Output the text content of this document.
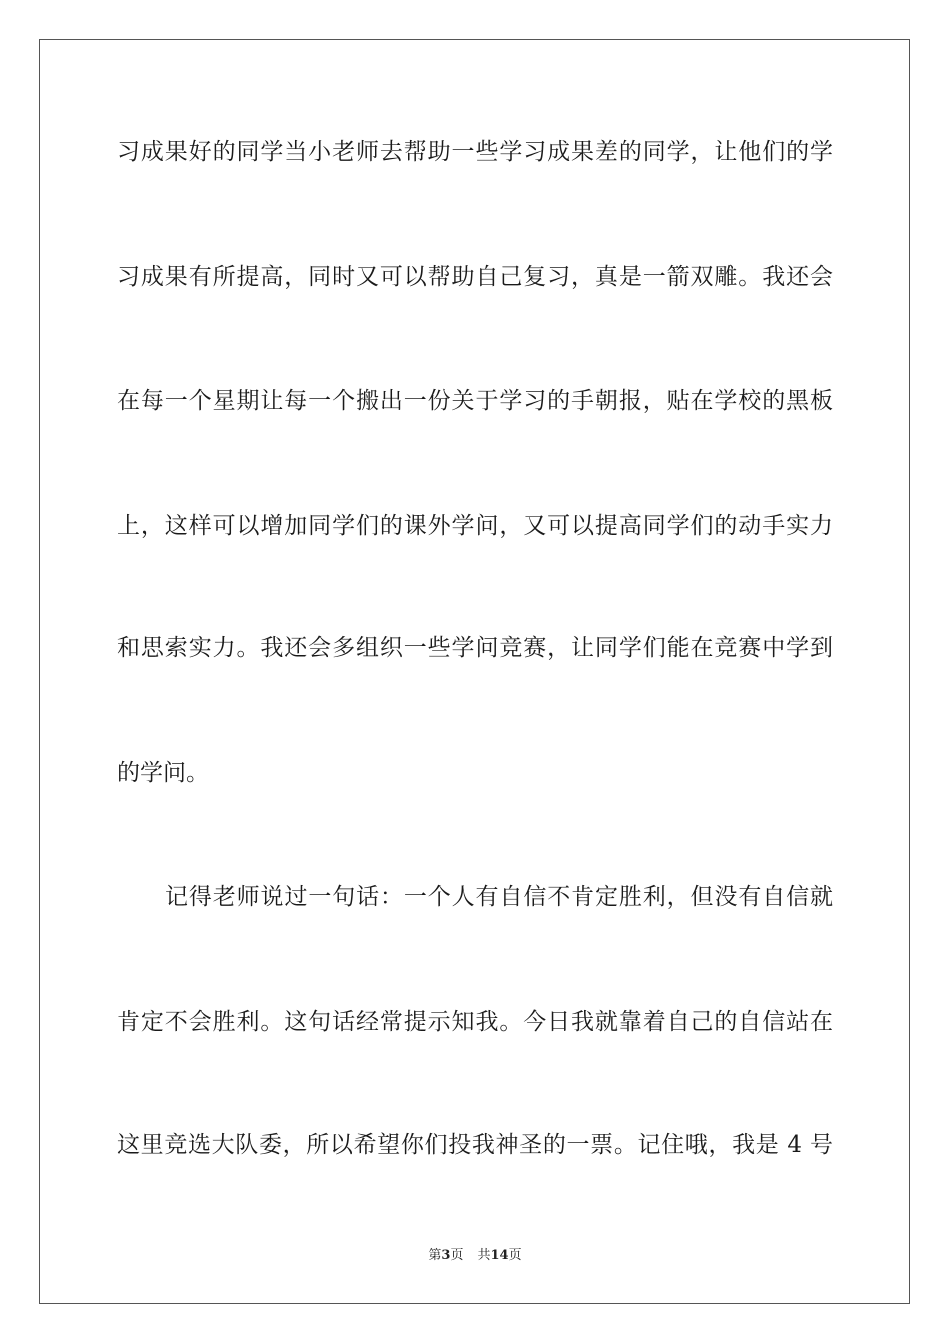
习成果好的同学当小老师去帮助一些学习成果差的同学，让他们的学
习成果有所提高，同时又可以帮助自己复习，真是一箭双雕。我还会
在每一个星期让每一个搬出一份关于学习的手朝报，贴在学校的黑板
上，这样可以增加同学们的课外学问，又可以提高同学们的动手实力
和思索实力。我还会多组织一些学问竞赛，让同学们能在竞赛中学到
的学问。
记得老师说过一句话：一个人有自信不肯定胜利，但没有自信就
肯定不会胜利。这句话经常提示知我。今日我就靠着自己的自信站在
这里竞选大队委，所以希望你们投我神圣的一票。记住哦，我是 4 号
第3页 共14页
